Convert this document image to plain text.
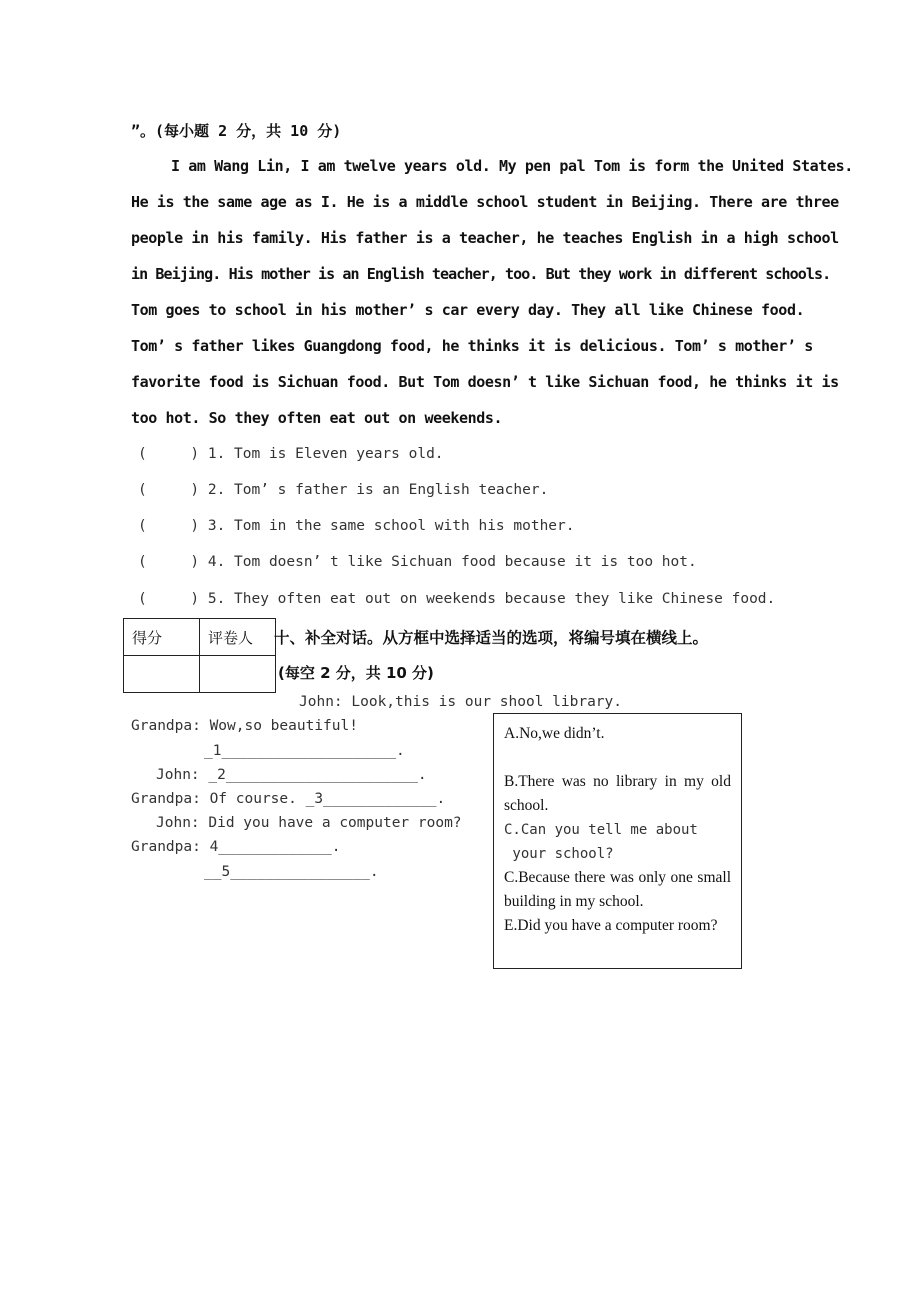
”。(每小题 2 分，共 10 分)
I am Wang Lin, I am twelve years old. My pen pal Tom is form the United States.
He is the same age as I. He is a middle school student in Beijing. There are three
people in his family. His father is a teacher, he teaches English in a high school
in Beijing. His mother is an English teacher, too. But they work in different schools.
Tom goes to school in his mother’ s car every day. They all like Chinese food.
Tom’ s father likes Guangdong food, he thinks it is delicious. Tom’ s mother’ s
favorite food is Sichuan food. But Tom doesn’ t like Sichuan food, he thinks it is
too hot. So they often eat out on weekends.
(     ) 1. Tom is Eleven years old.
(     ) 2. Tom’ s father is an English teacher.
(     ) 3. Tom in the same school with his mother.
(     ) 4. Tom doesn’ t like Sichuan food because it is too hot.
(     ) 5. They often eat out on weekends because they like Chinese food.
得分	评卷人
	十、补全对话。从方框中选择适当的选项，将编号填在横线上。
(每空 2 分，共 10 分)
John: Look,this is our shool library.
Grandpa: Wow,so beautiful!
_1____________________.
John: _2______________________.
Grandpa: Of course. _3_____________.
John: Did you have a computer room?
Grandpa: 4_____________.
__5________________.
A.No,we didn’t.
B.There was no library in my old school.
C.Can you tell me about
your school?
C.Because there was only one small building in my school.
E.Did you have a computer room?
